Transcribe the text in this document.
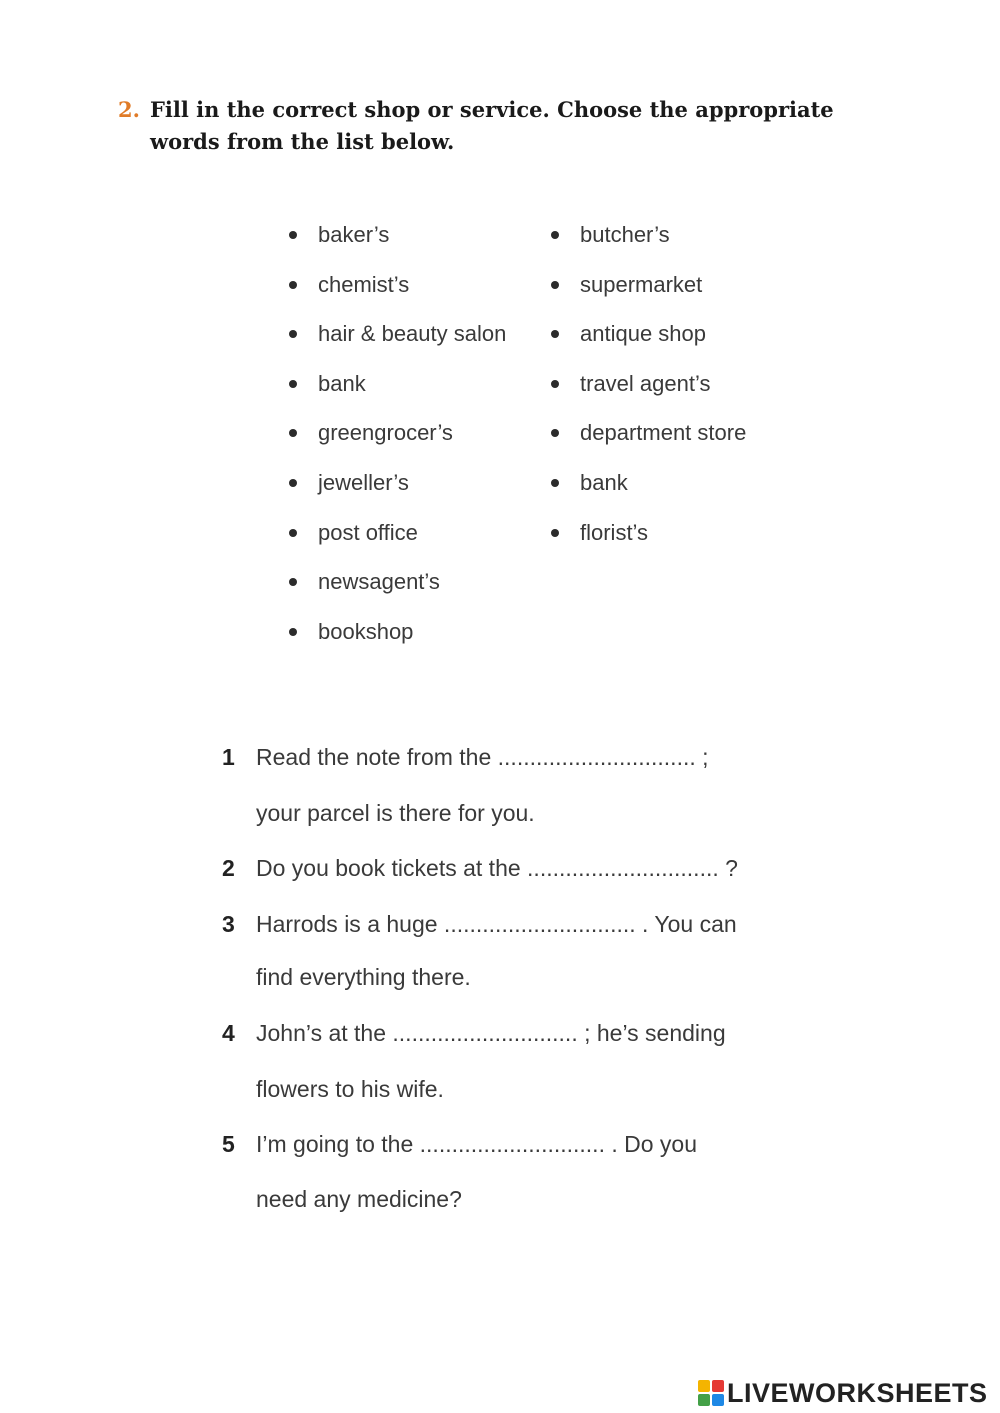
2. Fill in the correct shop or service. Choose the appropriate words from the list below.
baker’s
chemist’s
hair & beauty salon
bank
greengrocer’s
jeweller’s
post office
newsagent’s
bookshop
butcher’s
supermarket
antique shop
travel agent’s
department store
bank
florist’s
1 Read the note from the ............................... ;
your parcel is there for you.
2 Do you book tickets at the .............................. ?
3 Harrods is a huge .............................. . You can
find everything there.
4 John’s at the ............................. ; he’s sending
flowers to his wife.
5 I’m going to the ............................. . Do you
need any medicine?
LIVEWORKSHEETS
